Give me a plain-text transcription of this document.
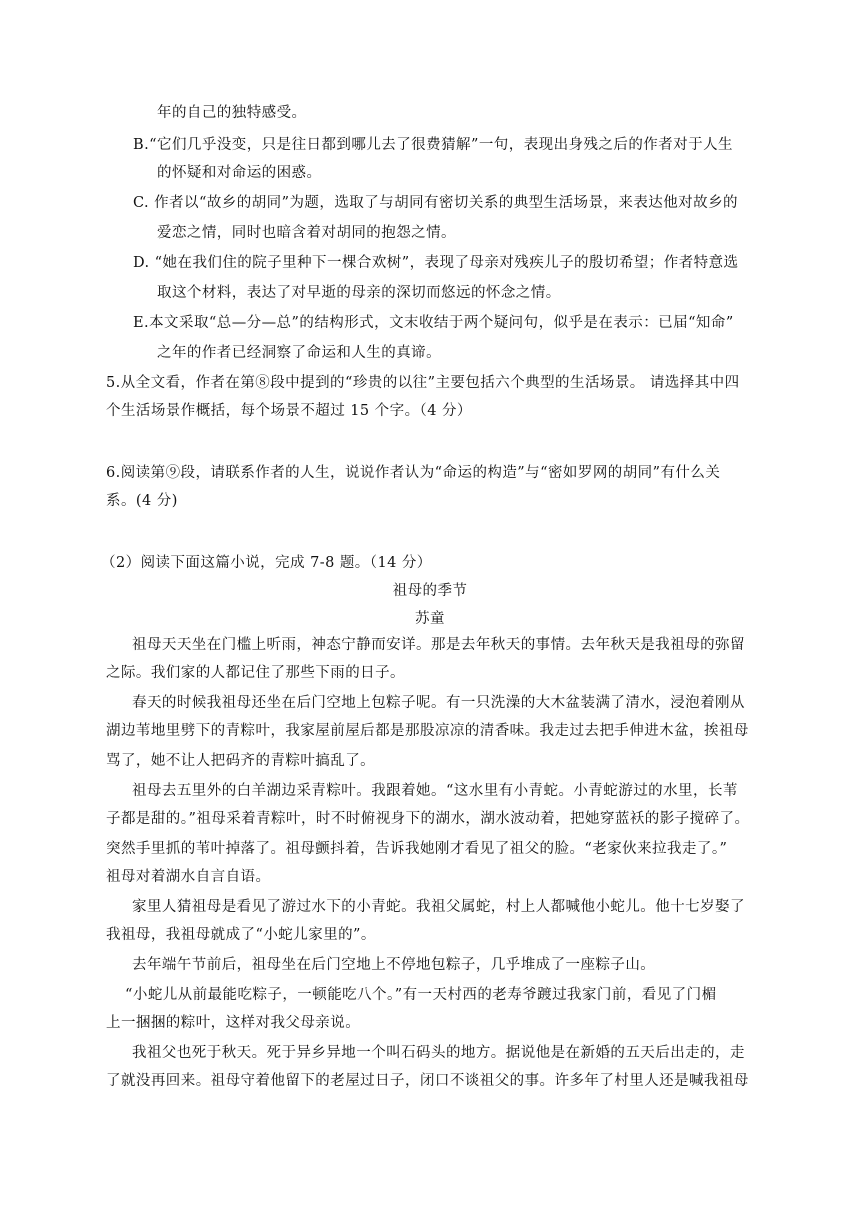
年的自己的独特感受。
B.“它们几乎没变，只是往日都到哪儿去了很费猜解”一句，表现出身残之后的作者对于人生
的怀疑和对命运的困惑。
C. 作者以“故乡的胡同”为题，选取了与胡同有密切关系的典型生活场景，来表达他对故乡的
爱恋之情，同时也暗含着对胡同的抱怨之情。
D. “她在我们住的院子里种下一棵合欢树”，表现了母亲对残疾儿子的殷切希望；作者特意选
取这个材料，表达了对早逝的母亲的深切而悠远的怀念之情。
E.本文采取“总—分—总”的结构形式，文末收结于两个疑问句，似乎是在表示：已届“知命”
之年的作者已经洞察了命运和人生的真谛。
5.从全文看，作者在第⑧段中提到的“珍贵的以往”主要包括六个典型的生活场景。 请选择其中四
个生活场景作概括，每个场景不超过 15 个字。（4 分）
6.阅读第⑨段，请联系作者的人生，说说作者认为“命运的构造”与“密如罗网的胡同”有什么关
系。(4 分)
（2）阅读下面这篇小说，完成 7-8 题。（14 分）
祖母的季节
苏童
祖母天天坐在门槛上听雨，神态宁静而安详。那是去年秋天的事情。去年秋天是我祖母的弥留
之际。我们家的人都记住了那些下雨的日子。
春天的时候我祖母还坐在后门空地上包粽子呢。有一只洗澡的大木盆装满了清水，浸泡着刚从
湖边苇地里劈下的青粽叶，我家屋前屋后都是那股凉凉的清香味。我走过去把手伸进木盆，挨祖母
骂了，她不让人把码齐的青粽叶搞乱了。
祖母去五里外的白羊湖边采青粽叶。我跟着她。“这水里有小青蛇。小青蛇游过的水里，长苇
子都是甜的。”祖母采着青粽叶，时不时俯视身下的湖水，湖水波动着，把她穿蓝袄的影子搅碎了。
突然手里抓的苇叶掉落了。祖母颤抖着，告诉我她刚才看见了祖父的脸。“老家伙来拉我走了。”
祖母对着湖水自言自语。
家里人猜祖母是看见了游过水下的小青蛇。我祖父属蛇，村上人都喊他小蛇儿。他十七岁娶了
我祖母，我祖母就成了“小蛇儿家里的”。
去年端午节前后，祖母坐在后门空地上不停地包粽子，几乎堆成了一座粽子山。
“小蛇儿从前最能吃粽子，一顿能吃八个。”有一天村西的老寿爷踱过我家门前，看见了门楣
上一捆捆的粽叶，这样对我父母亲说。
我祖父也死于秋天。死于异乡异地一个叫石码头的地方。据说他是在新婚的五天后出走的，走
了就没再回来。祖母守着他留下的老屋过日子，闭口不谈祖父的事。许多年了村里人还是喊我祖母
